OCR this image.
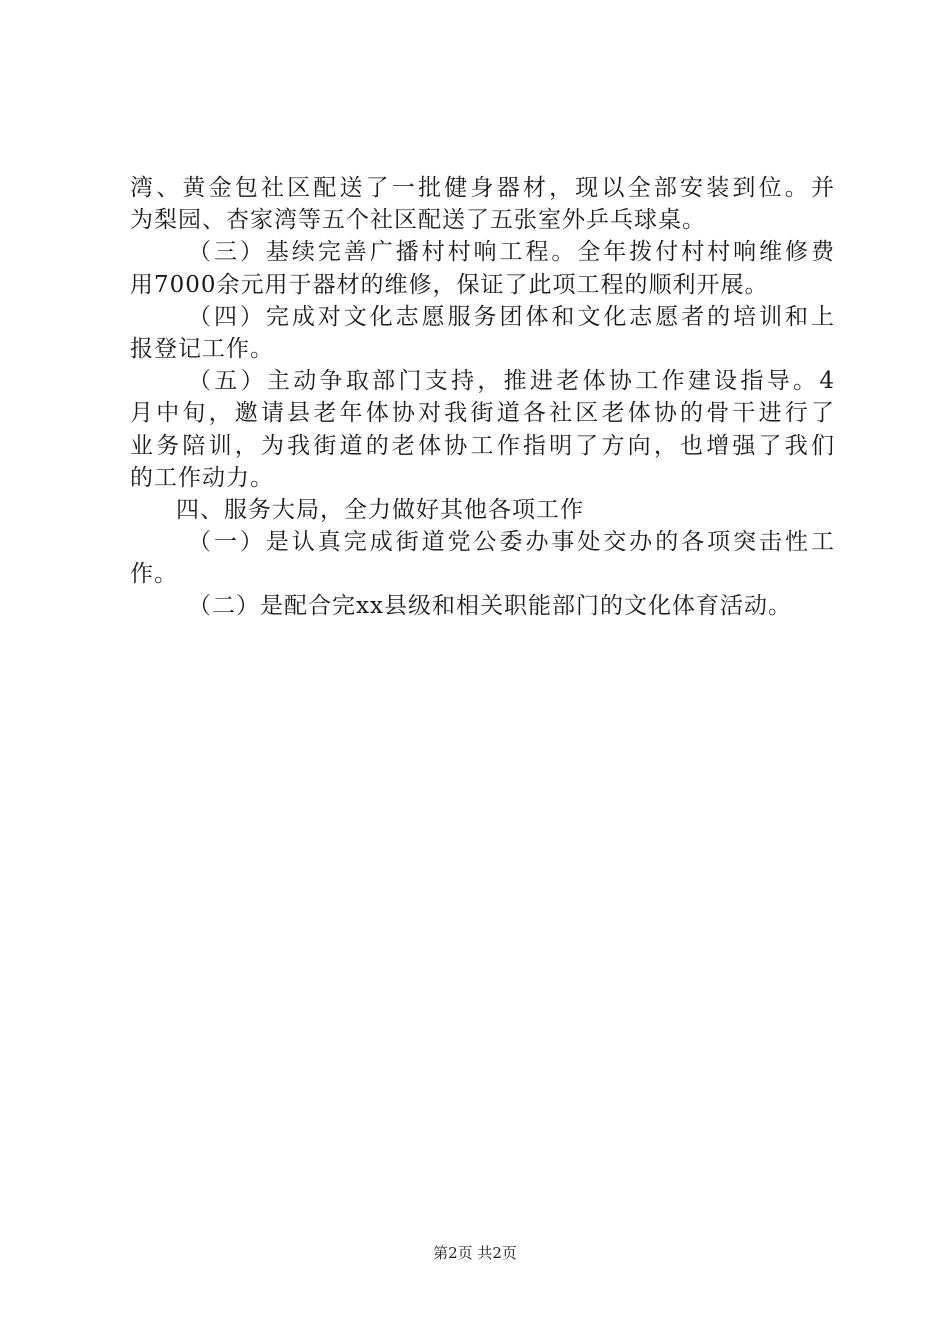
湾、黄金包社区配送了一批健身器材，现以全部安装到位。并
为梨园、杏家湾等五个社区配送了五张室外乒乓球桌。
（三）基续完善广播村村响工程。全年拨付村村响维修费
用7000余元用于器材的维修，保证了此项工程的顺利开展。
（四）完成对文化志愿服务团体和文化志愿者的培训和上
报登记工作。
（五）主动争取部门支持，推进老体协工作建设指导。4
月中旬，邀请县老年体协对我街道各社区老体协的骨干进行了
业务陪训，为我街道的老体协工作指明了方向，也增强了我们
的工作动力。
四、服务大局，全力做好其他各项工作
（一）是认真完成街道党公委办事处交办的各项突击性工
作。
（二）是配合完xx县级和相关职能部门的文化体育活动。
第2页 共2页
